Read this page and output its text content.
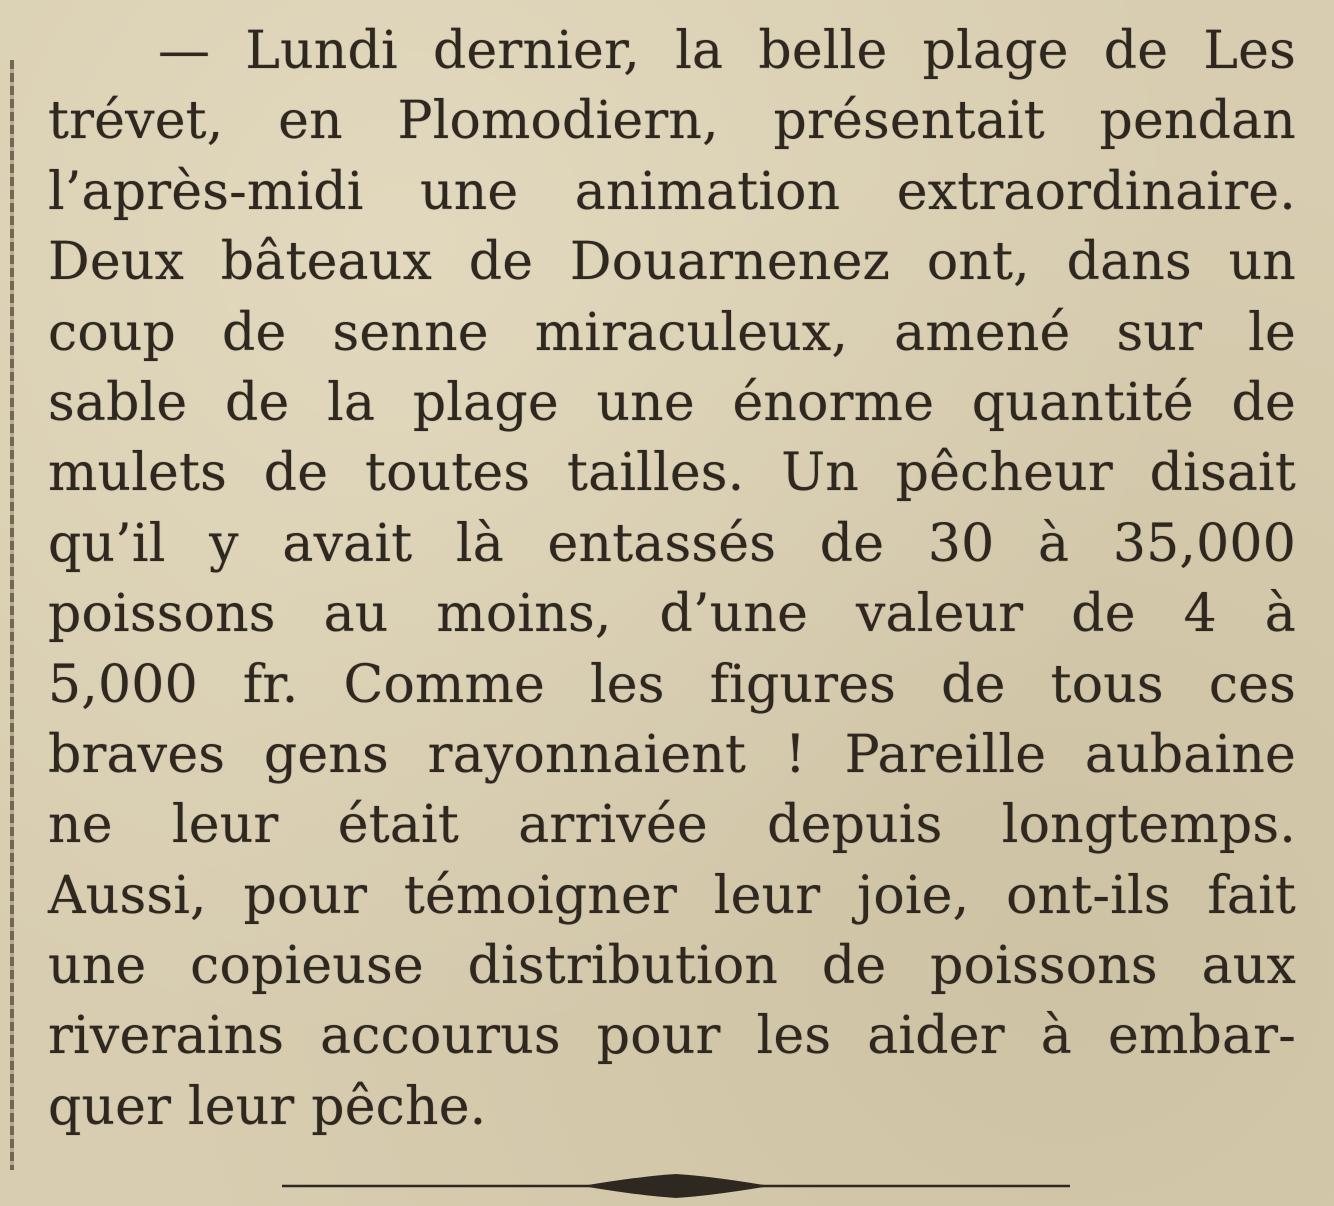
— Lundi dernier, la belle plage de Les
trévet, en Plomodiern, présentait pendan
l’après-midi une animation extraordinaire.
Deux bâteaux de Douarnenez ont, dans un
coup de senne miraculeux, amené sur le
sable de la plage une énorme quantité de
mulets de toutes tailles. Un pêcheur disait
qu’il y avait là entassés de 30 à 35,000
poissons au moins, d’une valeur de 4 à
5,000 fr. Comme les figures de tous ces
braves gens rayonnaient ! Pareille aubaine
ne leur était arrivée depuis longtemps.
Aussi, pour témoigner leur joie, ont-ils fait
une copieuse distribution de poissons aux
riverains accourus pour les aider à embar-
quer leur pêche.
